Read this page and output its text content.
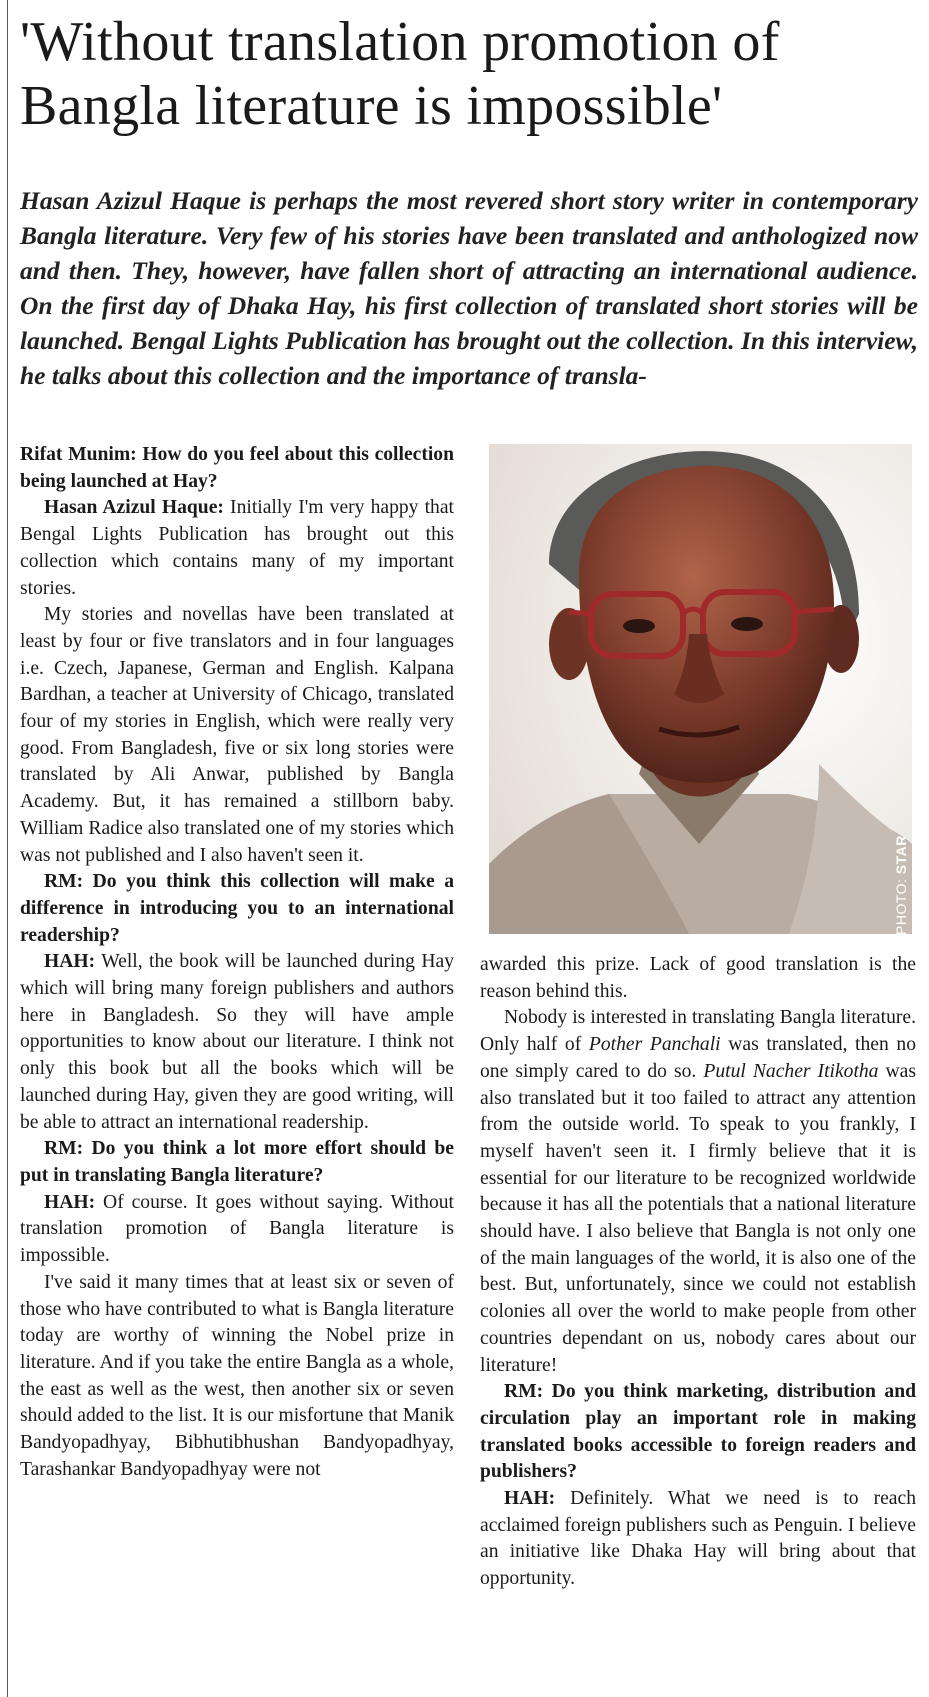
'Without translation promotion of Bangla literature is impossible'

Hasan Azizul Haque is perhaps the most revered short story writer in contemporary Bangla literature. Very few of his stories have been translated and anthologized now and then. They, however, have fallen short of attracting an international audience. On the first day of Dhaka Hay, his first collection of translated short stories will be launched. Bengal Lights Publication has brought out the collection. In this interview, he talks about this collection and the importance of transla-

PHOTO: STAR

Rifat Munim: How do you feel about this collection being launched at Hay?

Hasan Azizul Haque: Initially I'm very happy that Bengal Lights Publication has brought out this collection which contains many of my important stories.

My stories and novellas have been translated at least by four or five translators and in four languages i.e. Czech, Japanese, German and English. Kalpana Bardhan, a teacher at University of Chicago, translated four of my stories in English, which were really very good. From Bangladesh, five or six long stories were translated by Ali Anwar, published by Bangla Academy. But, it has remained a stillborn baby. William Radice also translated one of my stories which was not published and I also haven't seen it.

RM: Do you think this collection will make a difference in introducing you to an international readership?

HAH: Well, the book will be launched during Hay which will bring many foreign publishers and authors here in Bangladesh. So they will have ample opportunities to know about our literature. I think not only this book but all the books which will be launched during Hay, given they are good writing, will be able to attract an international readership.

RM: Do you think a lot more effort should be put in translating Bangla literature?

HAH: Of course. It goes without saying. Without translation promotion of Bangla literature is impossible.

I've said it many times that at least six or seven of those who have contributed to what is Bangla literature today are worthy of winning the Nobel prize in literature. And if you take the entire Bangla as a whole, the east as well as the west, then another six or seven should added to the list. It is our misfortune that Manik Bandyopadhyay, Bibhutibhushan Bandyopadhyay, Tarashankar Bandyopadhyay were not

awarded this prize. Lack of good translation is the reason behind this.

Nobody is interested in translating Bangla literature. Only half of Pother Panchali was translated, then no one simply cared to do so. Putul Nacher Itikotha was also translated but it too failed to attract any attention from the outside world. To speak to you frankly, I myself haven't seen it. I firmly believe that it is essential for our literature to be recognized worldwide because it has all the potentials that a national literature should have. I also believe that Bangla is not only one of the main languages of the world, it is also one of the best. But, unfortunately, since we could not establish colonies all over the world to make people from other countries dependant on us, nobody cares about our literature!

RM: Do you think marketing, distribution and circulation play an important role in making translated books accessible to foreign readers and publishers?

HAH: Definitely. What we need is to reach acclaimed foreign publishers such as Penguin. I believe an initiative like Dhaka Hay will bring about that opportunity.
